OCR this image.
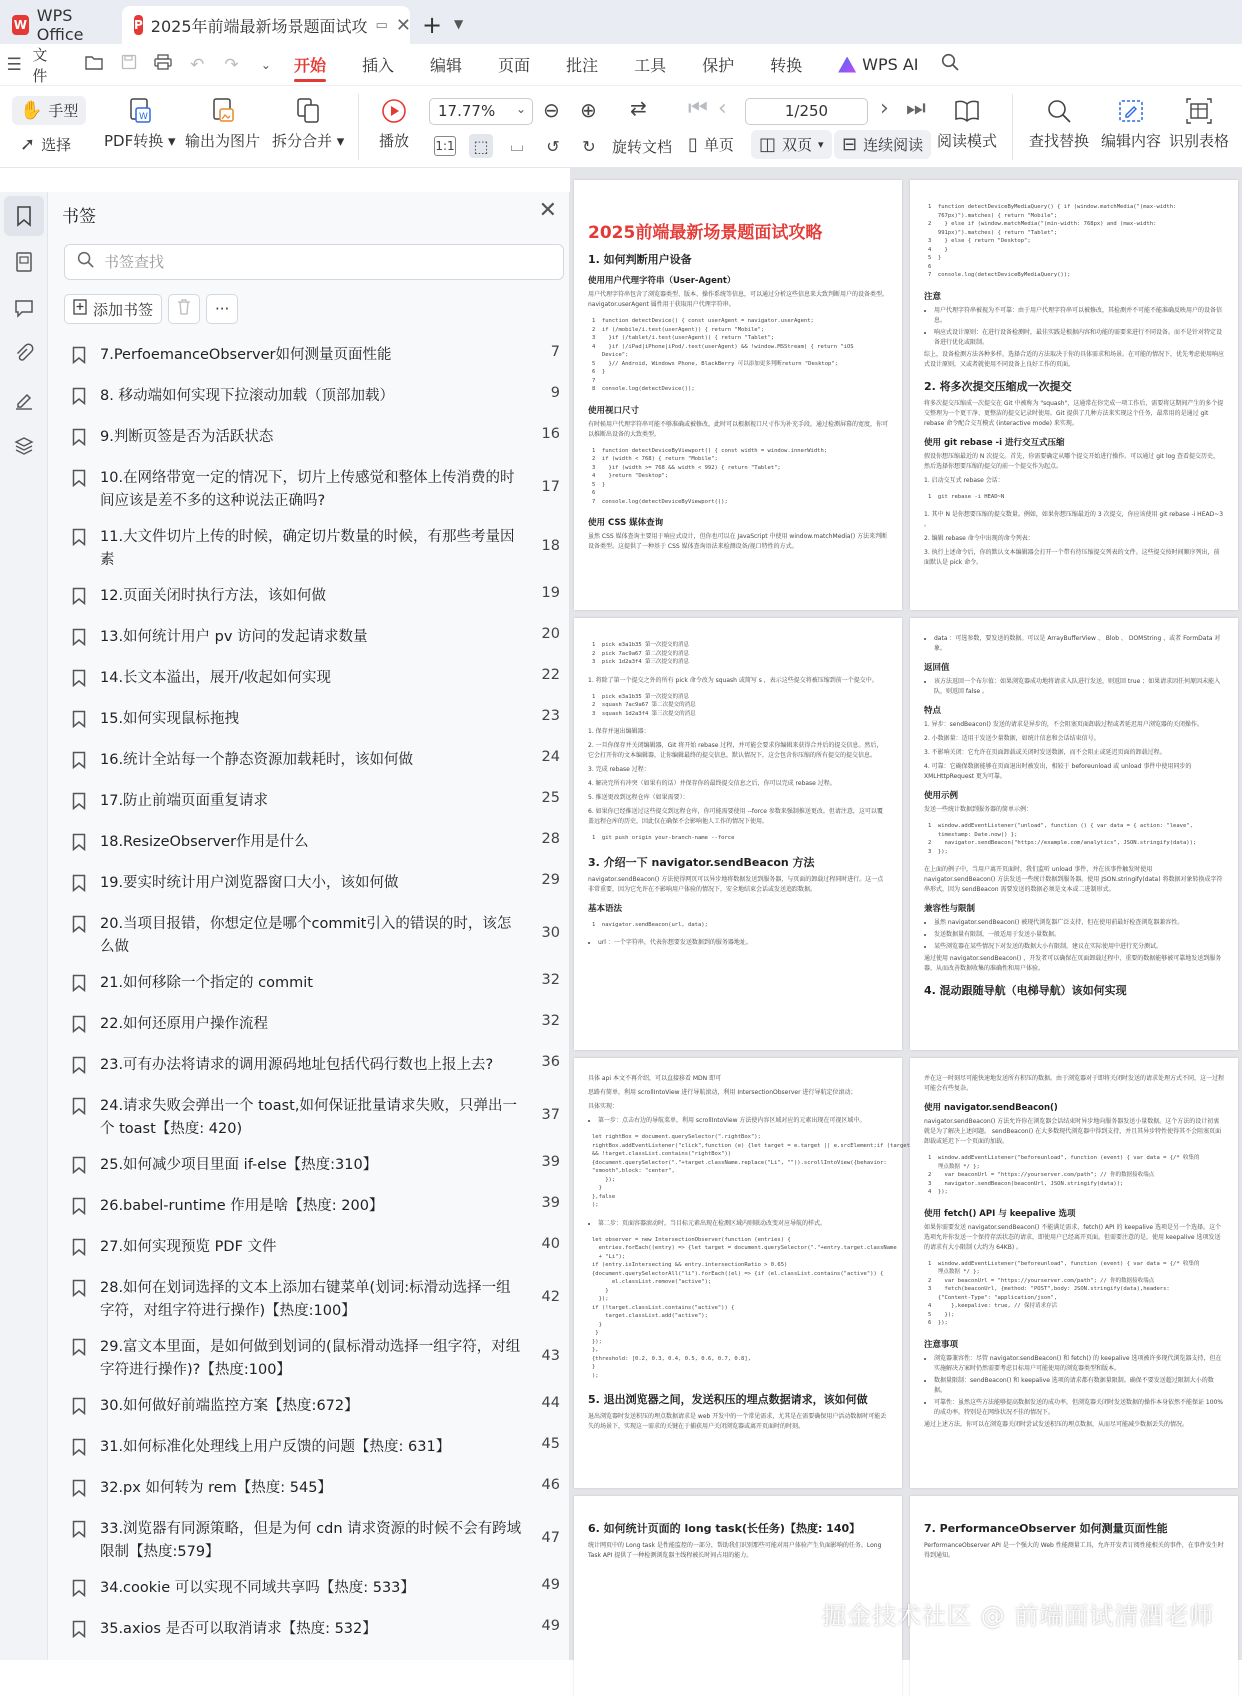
W WPS Office	P 2025年前端最新场景题面试攻 ▭ ✕ + ▼
☰ 文件
↶ ↷	⌄	开始	插入	编辑	页面	批注	工具	保护	转换	WPS AI
✋ 手型
➚ 选择
W
PDF转换 ▾ 输出为图片 拆分合并 ▾ 播放
17.77% ⌄ ⊖ ⊕ ⇄
1:1 ⬚	⌴	↺	↻	旋转文档
⏮ ‹	1/250	› ⏭
▯ 单页 ◫ 双页 ▾ ⊟ 连续阅读 阅读模式 查找替换 编辑内容 识别表格
书签	✕
书签查找
添加书签	···
7.PerfoemanceObserver如何测量页面性能	7
8. 移动端如何实现下拉滚动加载（顶部加载）	9
9.判断页签是否为活跃状态	16
10.在网络带宽一定的情况下，切片上传感觉和整体上传消费的时间应该是差不多的这种说法正确吗?
17
11.大文件切片上传的时候，确定切片数量的时候，有那些考量因素
18
12.页面关闭时执行方法，该如何做	19
13.如何统计用户 pv 访问的发起请求数量	20
14.长文本溢出，展开/收起如何实现	22
15.如何实现鼠标拖拽	23
16.统计全站每一个静态资源加载耗时，该如何做	24
17.防止前端页面重复请求	25
18.ResizeObserver作用是什么	28
19.要实时统计用户浏览器窗口大小，该如何做	29
20.当项目报错，你想定位是哪个commit引入的错误的时，该怎么做
30
21.如何移除一个指定的 commit	32
22.如何还原用户操作流程	32
23.可有办法将请求的调用源码地址包括代码行数也上报上去?	36
24.请求失败会弹出一个 toast,如何保证批量请求失败，只弹出一个 toast【热度: 420)
37
25.如何减少项目里面 if-else【热度:310】	39
26.babel-runtime 作用是啥【热度: 200】	39
27.如何实现预览 PDF 文件	40
28.如何在划词选择的文本上添加右键菜单(划词:标滑动选择一组字符，对组字符进行操作)【热度:100】
42
29.富文本里面，是如何做到划词的(鼠标滑动选择一组字符，对组字符进行操作)?【热度:100】
43
30.如何做好前端监控方案【热度:672】	44
31.如何标准化处理线上用户反馈的问题【热度: 631】	45
32.px 如何转为 rem【热度: 545】	46
33.浏览器有同源策略，但是为何 cdn 请求资源的时候不会有跨域限制【热度:579】
47
34.cookie 可以实现不同域共享吗【热度: 533】	49
35.axios 是否可以取消请求【热度: 532】	49
2025前端最新场景题面试攻略
1. 如何判断用户设备
使用用户代理字符串（User-Agent）

用户代理字符串包含了浏览器类型、版本、操作系统等信息，可以通过分析这些信息来大致判断用户的设备类型。 navigator.userAgent 属性用于获取用户代理字符串。

1  function detectDevice() { const userAgent = navigator.userAgent;
2  if (/mobile/i.test(userAgent)) { return "Mobile";
3    }if (/tablet/i.test(userAgent)) { return "Tablet";
4    }if (/iPad|iPhone|iPod/.test(userAgent) && !window.MSStream) { return "iOS
Device";
5    }// Android, Windows Phone, BlackBerry 可以添加更多判断return "Desktop";
6  }
7
8  console.log(detectDevice());
使用视口尺寸

有时候用户代理字符串可能不够准确或被修改，此时可以根据视口尺寸作为补充手段。通过检测屏幕的宽度，你可以推断出设备的大致类型。

1  function detectDeviceByViewport() { const width = window.innerWidth;
2  if (width < 768) { return "Mobile";
3    }if (width >= 768 && width < 992) { return "Tablet";
4    }return "Desktop";
5  }
6
7  console.log(detectDeviceByViewport());
使用 CSS 媒体查询

虽然 CSS 媒体查询主要用于响应式设计，但你也可以在 JavaScript 中使用 window.matchMedia() 方法来判断设备类型。这提供了一种基于 CSS 媒体查询语法来检测设备/视口特性的方式。

1  function detectDeviceByMediaQuery() { if (window.matchMedia("(max-width:
767px)").matches) { return "Mobile";
2    } else if (window.matchMedia("(min-width: 768px) and (max-width:
991px)").matches) { return "Tablet";
3    } else { return "Desktop";
4    }
5  }
6
7  console.log(detectDeviceByMediaQuery());
注意
• 用户代理字符串被视为不可靠：由于用户代理字符串可以被修改，其检测并不可能不能准确反映用户的设备信息。
• 响应式设计原则：在进行设备检测时，最佳实践是根据内容和功能的需要来进行不同设备。而不是针对特定设备进行优化或限制。

综上，设备检测方法各种多样，选择合适的方法取决于你的具体需求和场景。在可能的情况下，优先考虑使用响应式设计原则，又或者就使用不同设备上良好工作的页面。

2. 将多次提交压缩成一次提交

将多次提交压缩成一次提交在 Git 中被称为 "squash"，这通常在你完成一项工作后，需要将这期间产生的多个提交整理为一个更干净、更整洁的提交记录时使用。Git 提供了几种方法来实现这个任务，最常用的是通过 git rebase 命令配合交互模式 (interactive mode) 来实现。

使用 git rebase -i 进行交互式压缩

假设你想压缩最近的 N 次提交。首先，你需要确定从哪个提交开始进行操作。可以通过 git log 查看提交历史，然后选择你想要压缩的提交的前一个提交作为起点。

1. 启动交互式 rebase 会话：

1  git rebase -i HEAD~N

1. 其中 N 是你想要压缩的提交数量。例如，如果你想压缩最近的 3 次提交，你应该使用 git rebase -i HEAD~3 。

2. 编辑 rebase 命令中出现的命令列表：

3. 执行上述命令后，你的默认文本编辑器会打开一个带有待压缩提交列表的文件。这些提交按时间顺序列出，前面默认是 pick 命令。

1  pick e3a1b35 第一次提交的消息
2  pick 7ac9a67 第二次提交的消息
3  pick 1d2a3f4 第三次提交的消息

1. 将除了第一个提交之外的所有 pick 命令改为 squash 或简写 s ，表示这些提交将被压缩到前一个提交中。

1  pick e3a1b35 第一次提交的消息
2  squash 7ac9a67 第二次提交的消息
3  squash 1d2a3f4 第三次提交的消息

1. 保存并退出编辑器：

2. 一旦你保存并关闭编辑器，Git 将开始 rebase 过程，并可能会要求你编辑来获得合并后的提交信息。然后，它会打开你的文本编辑器，让你编辑最终的提交信息，默认情况下，这会包含你压缩的所有提交的提交信息。

3. 完成 rebase 过程：

4. 解决完所有冲突（如果有的话）并保存你的最终提交信息之后，你可以完成 rebase 过程。

5. 推送更改到远程仓库（如果需要）：

6. 如果你已经推送过这些提交到远程仓库，你可能需要使用 --force 参数来强制推送更改。但请注意，这可以覆盖远程仓库的历史，因此仅在确保不会影响他人工作的情况下使用。

1  git push origin your-branch-name --force
3. 介绍一下 navigator.sendBeacon 方法

navigator.sendBeacon() 方法使得网页可以异步地将数据发送到服务器，与页面的卸载过程同时进行。这一点非常重要，因为它允许在不影响用户体验的情况下，安全地结束会话或发送追踪数据。

基本语法
1  navigator.sendBeacon(url, data);
• url ：一个字符串，代表你想要发送数据到的服务器地址。
• data ：可选参数，要发送的数据。可以是 ArrayBufferView 、 Blob 、 DOMString 、或者 FormData 对象。
返回值
• 该方法返回一个布尔值：如果浏览器成功地将请求入队进行发送，则返回 true ；如果请求因任何原因未能入队，则返回 false 。
特点

1. 异步：sendBeacon() 发送的请求是异步的，不会阻塞页面卸载过程或者延迟用户浏览器的关闭操作。

2. 小数据量：适用于发送少量数据，如统计信息和会话结束信号。

3. 不影响关闭：它允许在页面卸载或关闭时发送数据，而不会阻止或延迟页面的卸载过程。

4. 可靠：它确保数据能够在页面退出时被发出，相较于 beforeunload 或 unload 事件中使用同步的 XMLHttpRequest 更为可靠。

使用示例

发送一些统计数据到服务器的简单示例：

1  window.addEventListener("unload", function () { var data = { action: "leave",
timestamp: Date.now() };
2    navigator.sendBeacon("https://example.com/analytics", JSON.stringify(data));
3  });

在上面的例子中，当用户离开页面时，我们监听 unload 事件，并在该事件触发时使用 navigator.sendBeacon() 方法发送一些统计数据到服务器。使用 JSON.stringify(data) 将数据对象转换成字符串形式，因为 sendBeacon 需要发送的数据必须是文本或二进制形式。

兼容性与限制
• 虽然 navigator.sendBeacon() 被现代浏览器广泛支持，但在使用前最好检查浏览器兼容性。
• 发送数据量有限制，一般适用于发送小量数据。
• 某些浏览器在某些情况下对发送的数据大小有限制，建议在实际使用中进行充分测试。

通过使用 navigator.sendBeacon() ，开发者可以确保在页面卸载过程中，重要的数据能够被可靠地发送到服务器，从而改善数据收集的准确性和用户体验。

4. 混动跟随导航（电梯导航）该如何实现

具体 api 本文不再介绍，可以直接移看 MDN 即可

思路有简单，利用 scrollIntoView 进行导航滚动，利用 IntersectionObserver 进行导航定位滚动；

具体实现：

• 第一步：点击右边的导航菜单，利用 scrollIntoView 方法使内容区域对应的元素出现在可视区域中。
let rightBox = document.querySelector(".rightBox");
rightBox.addEventListener("click",function (e) {let target = e.target || e.srcElement;if (target
&& !target.classList.contains("rightBox"))
{document.querySelector("."+target.className.replace("Li", "")).scrollIntoView({behavior:
"smooth",block: "center",
});
}
},false
);
• 第二步：页面容器滚动时，当目标元素出现在检测区域内则联动改变对应导航的样式。
let observer = new IntersectionObserver(function (entries) {
entries.forEach((entry) => {let target = document.querySelector("."+entry.target.className
+ "Li");
if (entry.isIntersecting && entry.intersectionRatio > 0.65)
{document.querySelectorAll("li").forEach((el) => {if (el.classList.contains("active")) {
el.classList.remove("active");
}
});
if (!target.classList.contains("active")) {
target.classList.add("active");
}
}
});
},
{threshold: [0.2, 0.3, 0.4, 0.5, 0.6, 0.7, 0.8],
}
);
5. 退出浏览器之间，发送积压的埋点数据请求，该如何做

退出浏览器时发送积压的埋点数据请求是 web 开发中的一个常见需求，尤其是在需要确保用户活动数据时可能丢失的场景下，实现这一需求的关键在于捕获用户关闭浏览器或离开页面时的时刻。

并在这一时刻尽可能快速地发送所有积压的数据。由于浏览器对于即将关闭时发送的请求处理方式不同，这一过程可能会有些复杂。

使用 navigator.sendBeacon()

navigator.sendBeacon() 方法允许你在浏览器会话结束时异步地向服务器发送小量数据。这个方法的设计初衷就是为了解决上述问题。 sendBeacon() 在大多数现代浏览器中得到支持，并且其异步特性使得其不会阻塞页面卸载或延迟下一个页面的加载。

1  window.addEventListener("beforeunload", function (event) { var data = {/* 收集的
埋点数据 */ };
2    var beaconUrl = "https://yourserver.com/path"; // 你的数据接收端点
3    navigator.sendBeacon(beaconUrl, JSON.stringify(data));
4  });
使用 fetch() API 与 keepalive 选项

如果你需要发送 navigator.sendBeacon() 不能满足需求，fetch() API 的 keepalive 选项是另一个选择。这个选项允许你发送一个保持存活状态的请求，即使用户已经离开页面。但需要注意的是，使用 keepalive 选项发送的请求有大小限制 (大约为 64KB) 。

1  window.addEventListener("beforeunload", function (event) { var data = {/* 收集的
埋点数据 */ };
2    var beaconUrl = "https://yourserver.com/path"; // 你的数据接收端点
3    fetch(beaconUrl, {method: "POST",body: JSON.stringify(data),headers:
{"Content-Type": "application/json",
4      },keepalive: true, // 保持请求存活
5    });
6  });
注意事项
• 浏览器兼容性：尽管 navigator.sendBeacon() 和 fetch() 的 keepalive 选项被许多现代浏览器支持，但在实施解决方案时仍然需要考虑目标用户可能使用的浏览器类型和版本。
• 数据量限制：sendBeacon() 和 keepalive 选项的请求都有数据量限制。确保不要发送超过限制大小的数据。
• 可靠性：虽然这些方法能够提高数据发送的成功率，但浏览器关闭时发送数据的操作本身依然不能保证 100% 的成功率。特别是在网络状况不佳的情况下。

通过上述方法，你可以在浏览器关闭时尝试发送积压的埋点数据，从而尽可能减少数据丢失的情况。

6. 如何统计页面的 long task(长任务)【热度: 140】

统计网页中的 Long task 是性能监控的一部分，帮助我们识别那些可能对用户体验产生负面影响的任务。Long Task API 提供了一种检测浏览器主线程被长时间占用的能力。

7. PerformanceObserver 如何测量页面性能

PerformanceObserver API 是一个强大的 Web 性能测量工具，允许开发者订阅性能相关的事件，在事件发生时得到通知。

掘金技术社区 @ 前端面试清酒老师
